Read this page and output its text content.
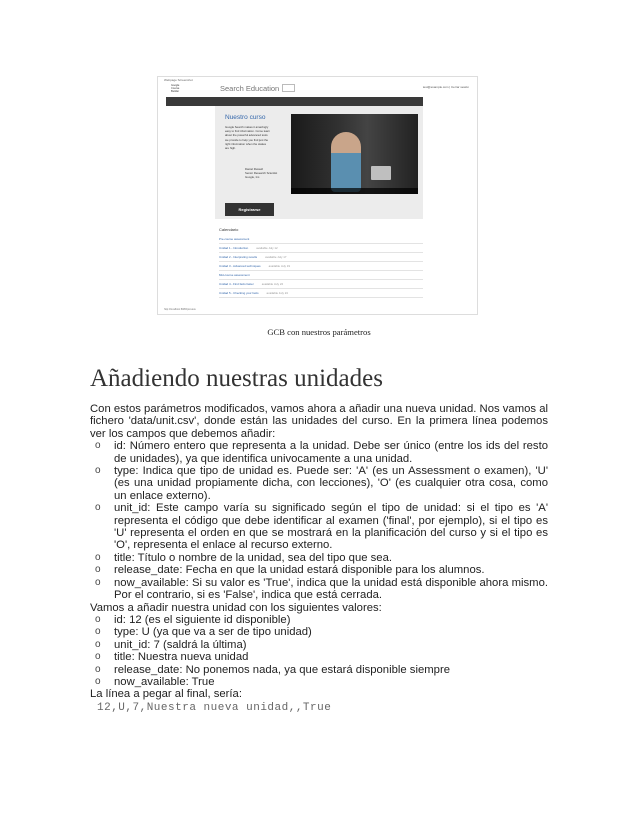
Webpage Screenshot
Google Course Builder	Search Education	test@example.com | Cerrar sesión
Anuncios	Curso
Nuestro curso
Google Search makes it amazingly easy to find information. Come learn about the powerful advanced tools we provide to help you find just the right information when the stakes are high.
Daniel Russell
Senior Research Scientist
Google, Inc.
Registrarse
Calendario
Pre-course assessment
Unidad 1 - Introduction	available July 12
Unidad 2 - Interpreting results	available July 17
Unidad 3 - Advanced techniques	available July 19
Mid-course assessment
Unidad 4 - Find facts faster	available July 22
Unidad 5 - Checking your facts	available July 24
http://localhost:8080/preview
GCB con nuestros parámetros
Añadiendo nuestras unidades

Con estos parámetros modificados, vamos ahora a añadir una nueva unidad. Nos vamos al fichero 'data/unit.csv', donde están las unidades del curso. En la primera línea podemos ver los campos que debemos añadir:

o id: Número entero que representa a la unidad. Debe ser único (entre los ids del resto de unidades), ya que identifica univocamente a una unidad.
o type: Indica que tipo de unidad es. Puede ser: 'A' (es un Assessment o examen), 'U' (es una unidad propiamente dicha, con lecciones), 'O' (es cualquier otra cosa, como un enlace externo).
o unit_id: Este campo varía su significado según el tipo de unidad: si el tipo es 'A' representa el código que debe identificar al examen ('final', por ejemplo), si el tipo es 'U' representa el orden en que se mostrará en la planificación del curso y si el tipo es 'O', representa el enlace al recurso externo.
o title: Título o nombre de la unidad, sea del tipo que sea.
o release_date: Fecha en que la unidad estará disponible para los alumnos.
o now_available: Si su valor es 'True', indica que la unidad está disponible ahora mismo. Por el contrario, si es 'False', indica que está cerrada.

Vamos a añadir nuestra unidad con los siguientes valores:

o id: 12 (es el siguiente id disponible)
o type: U (ya que va a ser de tipo unidad)
o unit_id: 7 (saldrá la última)
o title: Nuestra nueva unidad
o release_date: No ponemos nada, ya que estará disponible siempre
o now_available: True

La línea a pegar al final, sería:

12,U,7,Nuestra nueva unidad,,True
